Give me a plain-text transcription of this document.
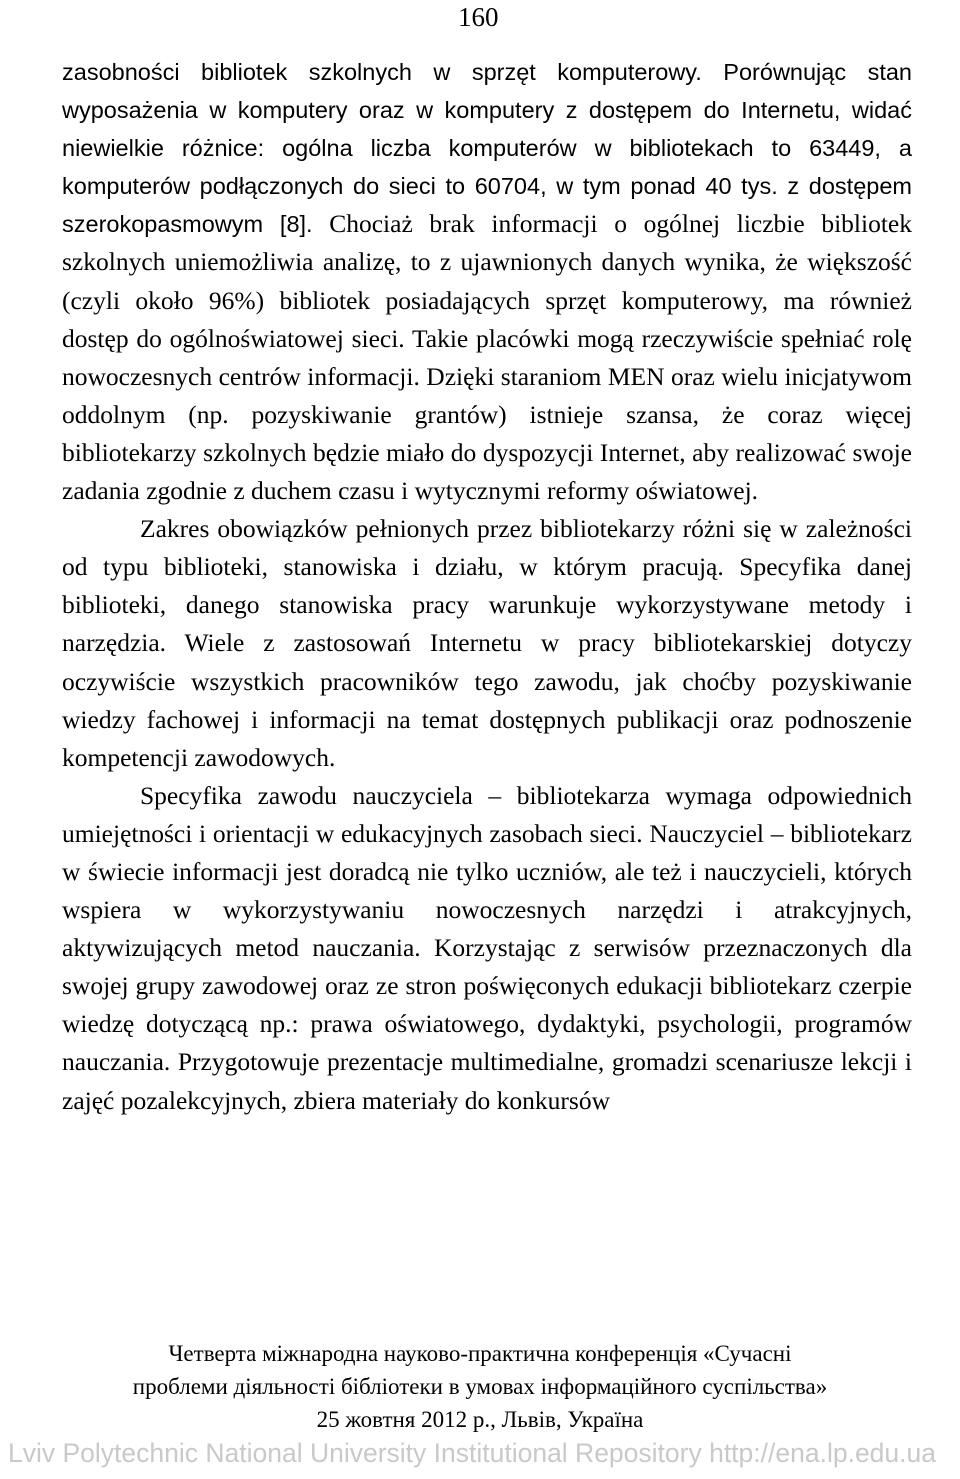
160

zasobności bibliotek szkolnych w sprzęt komputerowy. Porównując stan wyposażenia w komputery oraz w komputery z dostępem do Internetu, widać niewielkie różnice: ogólna liczba komputerów w bibliotekach to 63449, a komputerów podłączonych do sieci to 60704, w tym ponad 40 tys. z dostępem szerokopasmowym [8]. Chociaż brak informacji o ogólnej liczbie bibliotek szkolnych uniemożliwia analizę, to z ujawnionych danych wynika, że większość (czyli około 96%) bibliotek posiadających sprzęt komputerowy, ma również dostęp do ogólnoświatowej sieci. Takie placówki mogą rzeczywiście spełniać rolę nowoczesnych centrów informacji. Dzięki staraniom MEN oraz wielu inicjatywom oddolnym (np. pozyskiwanie grantów) istnieje szansa, że coraz więcej bibliotekarzy szkolnych będzie miało do dyspozycji Internet, aby realizować swoje zadania zgodnie z duchem czasu i wytycznymi reformy oświatowej.

Zakres obowiązków pełnionych przez bibliotekarzy różni się w zależności od typu biblioteki, stanowiska i działu, w którym pracują. Specyfika danej biblioteki, danego stanowiska pracy warunkuje wykorzystywane metody i narzędzia. Wiele z zastosowań Internetu w pracy bibliotekarskiej dotyczy oczywiście wszystkich pracowników tego zawodu, jak choćby pozyskiwanie wiedzy fachowej i informacji na temat dostępnych publikacji oraz podnoszenie kompetencji zawodowych.

Specyfika zawodu nauczyciela – bibliotekarza wymaga odpowiednich umiejętności i orientacji w edukacyjnych zasobach sieci. Nauczyciel – bibliotekarz w świecie informacji jest doradcą nie tylko uczniów, ale też i nauczycieli, których wspiera w wykorzystywaniu nowoczesnych narzędzi i atrakcyjnych, aktywizujących metod nauczania. Korzystając z serwisów przeznaczonych dla swojej grupy zawodowej oraz ze stron poświęconych edukacji bibliotekarz czerpie wiedzę dotyczącą np.: prawa oświatowego, dydaktyki, psychologii, programów nauczania. Przygotowuje prezentacje multimedialne, gromadzi scenariusze lekcji i zajęć pozalekcyjnych, zbiera materiały do konkursów

Четверта міжнародна науково-практична конференція «Сучасні
проблеми діяльності бібліотеки в умовах інформаційного суспільства»
25 жовтня 2012 р., Львів, Україна
Lviv Polytechnic National University Institutional Repository http://ena.lp.edu.ua
